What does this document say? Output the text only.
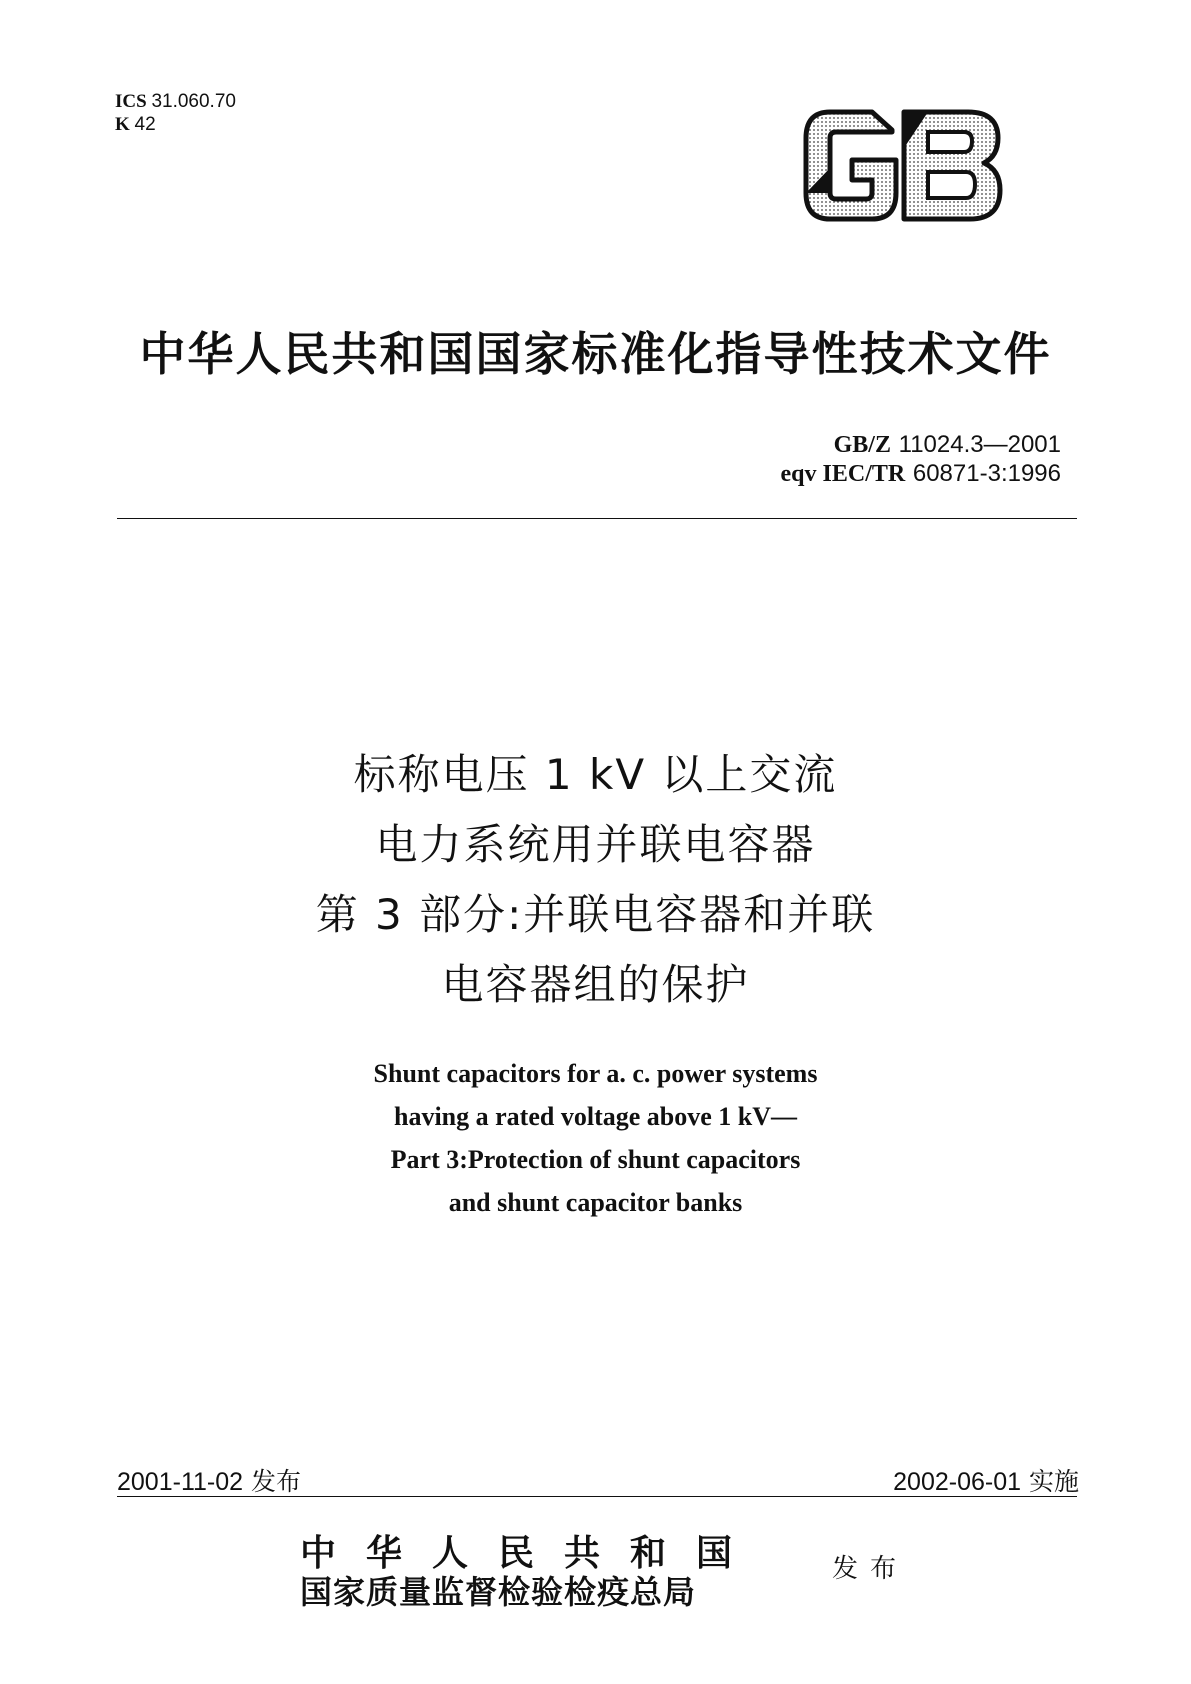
ICS 31.060.70
K 42
中华人民共和国国家标准化指导性技术文件
GB/Z 11024.3—2001
eqv IEC/TR 60871-3:1996
标称电压 1 kV 以上交流
电力系统用并联电容器
第 3 部分:并联电容器和并联
电容器组的保护
Shunt capacitors for a. c. power systems
having a rated voltage above 1 kV—
Part 3:Protection of shunt capacitors
and shunt capacitor banks
2001-11-02 发布	2002-06-01 实施
中华人民共和国
国家质量监督检验检疫总局
发布
